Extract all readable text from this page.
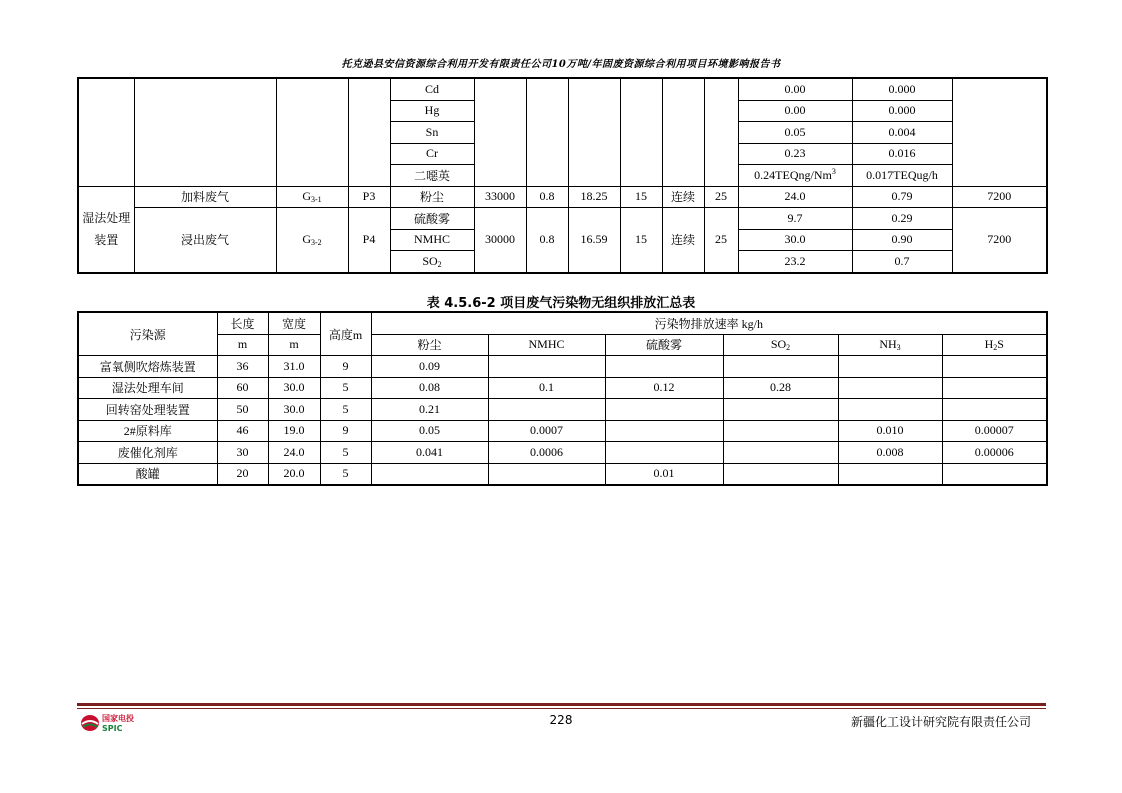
托克逊县安信资源综合利用开发有限责任公司10万吨/年固废资源综合利用项目环境影响报告书
				Cd							0.00	0.000	
				Hg							0.00	0.000	
				Sn							0.05	0.004	
				Cr							0.23	0.016	
				二噁英							0.24TEQng/Nm$^3$	0.017TEQug/h	

湿法处理
装置	加料废气	$G_{3-1}$	P3	粉尘	33000	0.8	18.25	15	连续	25	24.0	0.79	7200
	浸出废气	$G_{3-2}$	P4	硫酸雾	30000	0.8	16.59	15	连续	25	9.7	0.29	7200
				NMHC							30.0	0.90	
				$SO_2$							23.2	0.7	
表 4.5.6-2 项目废气污染物无组织排放汇总表
污染源	长度	宽度	高度m	污染物排放速率 kg/h					
	m	m		粉尘	NMHC	硫酸雾	$SO_2$	$NH_3$	$H_2S$
富氧侧吹熔炼装置	36	31.0	9	0.09					
湿法处理车间	60	30.0	5	0.08	0.1	0.12	0.28		
回转窑处理装置	50	30.0	5	0.21					
2#原料库	46	19.0	9	0.05	0.0007			0.010	0.00007
废催化剂库	30	24.0	5	0.041	0.0006			0.008	0.00006
酸罐	20	20.0	5			0.01			
国家电投
SPIC
228	新疆化工设计研究院有限责任公司
